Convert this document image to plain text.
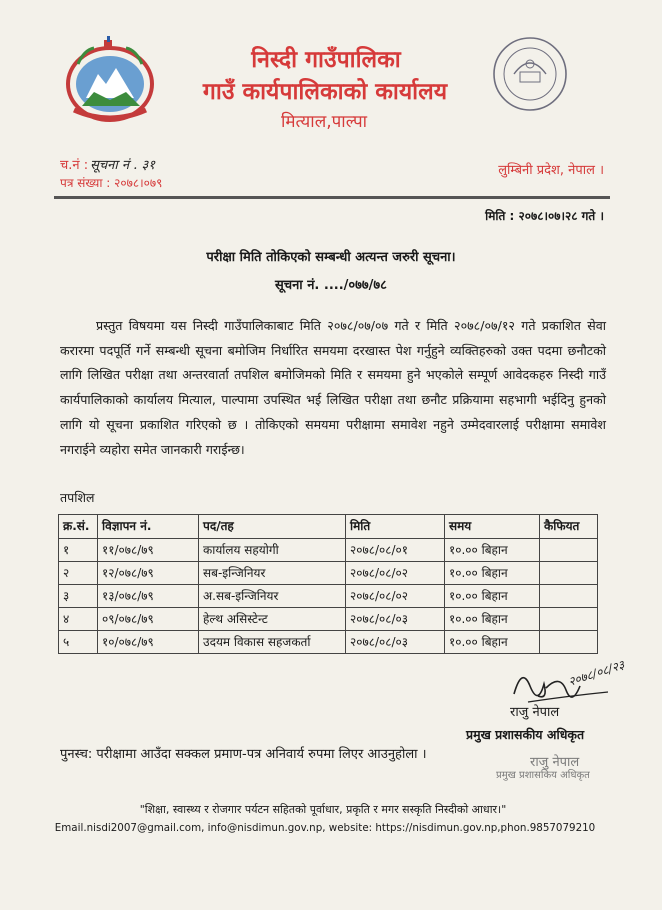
निस्दी गाउँपालिका
गाउँ कार्यपालिकाको कार्यालय
मित्याल,पाल्पा
च.नं : सूचना नं . ३१
पत्र संख्या : २०७८।०७९
लुम्बिनी प्रदेश, नेपाल ।
मिति : २०७८।०७।२८ गते ।
परीक्षा मिति तोकिएको सम्बन्धी अत्यन्त जरुरी सूचना।
सूचना नं. ..../०७७/७८

प्रस्तुत विषयमा यस निस्दी गाउँपालिकाबाट मिति २०७८/०७/०७ गते र मिति २०७८/०७/१२ गते प्रकाशित सेवा करारमा पदपूर्ति गर्ने सम्बन्धी सूचना बमोजिम निर्धारित समयमा दरखास्त पेश गर्नुहुने व्यक्तिहरुको उक्त पदमा छनौटको लागि लिखित परीक्षा तथा अन्तरवार्ता तपशिल बमोजिमको मिति र समयमा हुने भएकोले सम्पूर्ण आवेदकहरु निस्दी गाउँ कार्यपालिकाको कार्यालय मित्याल, पाल्पामा उपस्थित भई लिखित परीक्षा तथा छनौट प्रक्रियामा सहभागी भईदिनु हुनको लागि यो सूचना प्रकाशित गरिएको छ । तोकिएको समयमा परीक्षामा समावेश नहुने उम्मेदवारलाई परीक्षामा समावेश नगराईने व्यहोरा समेत जानकारी गराईन्छ।

तपशिल
क्र.सं.	विज्ञापन नं.	पद/तह	मिति	समय	कैफियत
१	११/०७८/७९	कार्यालय सहयोगी	२०७८/०८/०१	१०.०० बिहान	
२	१२/०७८/७९	सब-इन्जिनियर	२०७८/०८/०२	१०.०० बिहान	
३	१३/०७८/७९	अ.सब-इन्जिनियर	२०७८/०८/०२	१०.०० बिहान	
४	०९/०७८/७९	हेल्थ असिस्टेन्ट	२०७८/०८/०३	१०.०० बिहान	
५	१०/०७८/७९	उदयम विकास सहजकर्ता	२०७८/०८/०३	१०.०० बिहान	
२०७८/०८/२३
राजु नेपाल
प्रमुख प्रशासकीय अधिकृत
पुनस्च: परीक्षामा आउँदा सक्कल प्रमाण-पत्र अनिवार्य रुपमा लिएर आउनुहोला ।
राजु नेपाल
प्रमुख प्रशासकिय अधिकृत
"शिक्षा, स्वास्थ्य र रोजगार पर्यटन सहितको पूर्वाधार, प्रकृति र मगर सस्कृति निस्दीको आधार।"
Email.nisdi2007@gmail.com, info@nisdimun.gov.np, website: https://nisdimun.gov.np,phon.9857079210
